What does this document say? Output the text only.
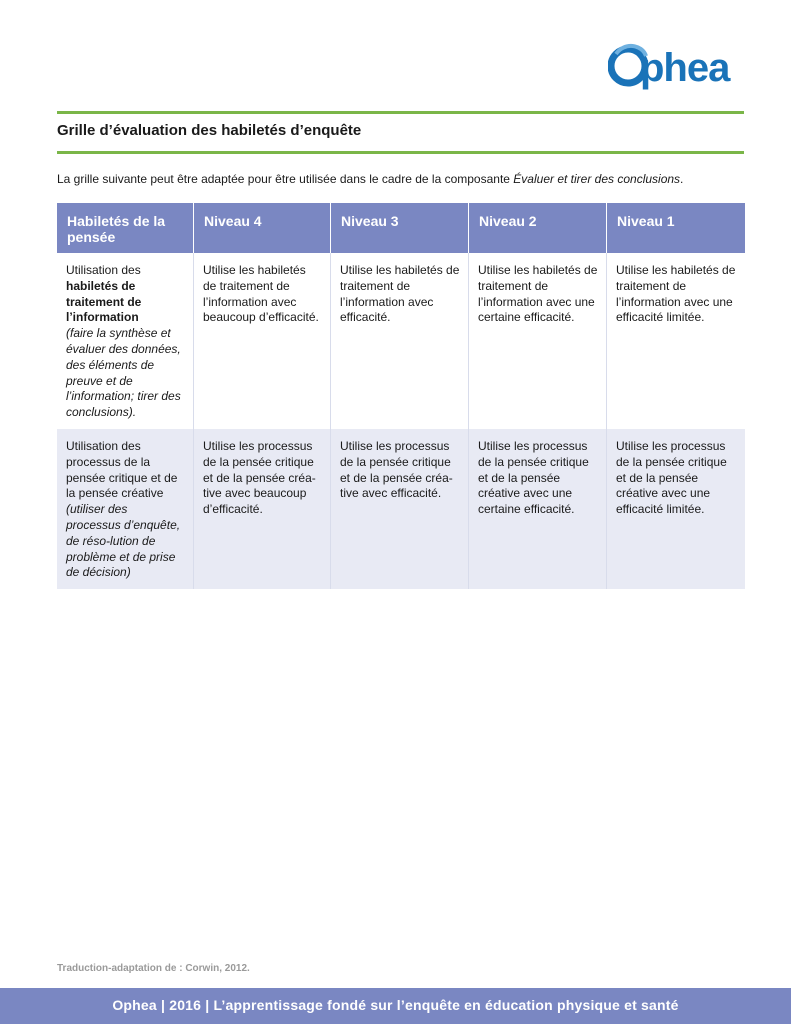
phea
Grille d’évaluation des habiletés d’enquête
La grille suivante peut être adaptée pour être utilisée dans le cadre de la composante Évaluer et tirer des conclusions.
Habiletés de la pensée	Niveau 4	Niveau 3	Niveau 2	Niveau 1

Utilisation des
habiletés de traitement de l’information
(faire la synthèse et évaluer des données, des éléments de preuve et de l’information; tirer des conclusions).	Utilise les habiletés de traitement de l’information avec beaucoup d’efficacité.	Utilise les habiletés de traitement de l’information avec efficacité.	Utilise les habiletés de traitement de l’information avec une certaine efficacité.	Utilise les habiletés de traitement de l’information avec une efficacité limitée.

Utilisation des processus de la pensée critique et de la pensée créative
(utiliser des processus d’enquête, de réso-lution de problème et de prise de décision)	Utilise les processus de la pensée critique et de la pensée créa-tive avec beaucoup d’efficacité.	Utilise les processus de la pensée critique et de la pensée créa-tive avec efficacité.	Utilise les processus de la pensée critique et de la pensée créative avec une certaine efficacité.	Utilise les processus de la pensée critique et de la pensée créative avec une efficacité limitée.
Traduction-adaptation de : Corwin, 2012.
Ophea | 2016 | L’apprentissage fondé sur l’enquête en éducation physique et santé
